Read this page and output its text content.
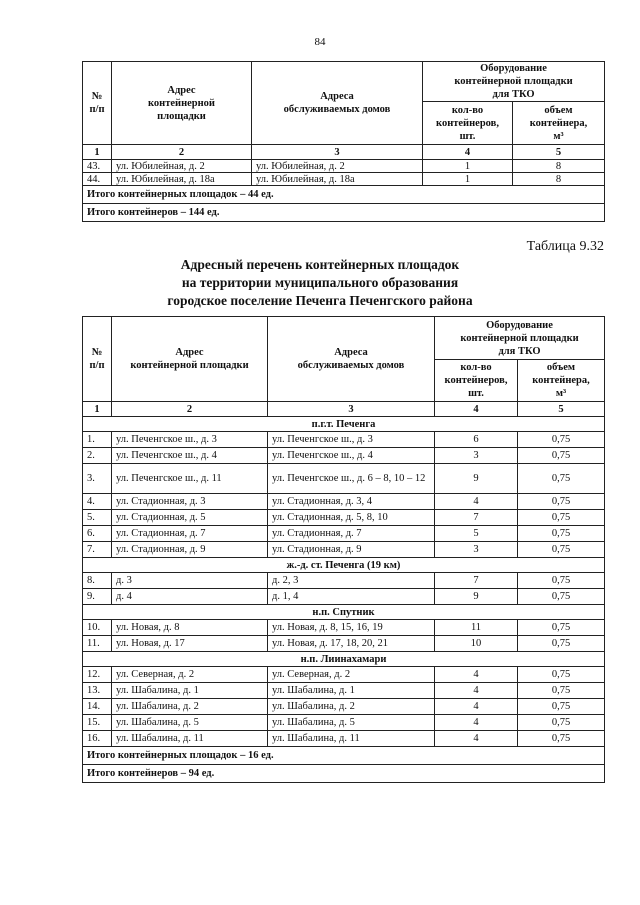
84
№
п/п	Адрес
контейнерной
площадки	Адреса
обслуживаемых домов	Оборудование
контейнерной площадки
для ТКО	
			кол-во
контейнеров,
шт.	объем
контейнера,
м³
1	2	3	4	5
43.	ул. Юбилейная, д. 2	ул. Юбилейная, д. 2	1	8
44.	ул. Юбилейная, д. 18а	ул. Юбилейная, д. 18а	1	8
Итого контейнерных площадок – 44 ед.				
Итого контейнеров – 144 ед.				
Таблица 9.32
Адресный перечень контейнерных площадок
на территории муниципального образования
городское поселение Печенга Печенгского района
№
п/п	Адрес
контейнерной площадки	Адреса
обслуживаемых домов	Оборудование
контейнерной площадки
для ТКО	
			кол-во
контейнеров,
шт.	объем
контейнера,
м³
1	2	3	4	5
п.г.т. Печенга				
1.	ул. Печенгское ш., д. 3	ул. Печенгское ш., д. 3	6	0,75
2.	ул. Печенгское ш., д. 4	ул. Печенгское ш., д. 4	3	0,75
3.	ул. Печенгское ш., д. 11	ул. Печенгское ш., д. 6 – 8, 10 – 12	9	0,75
4.	ул. Стадионная, д. 3	ул. Стадионная, д. 3, 4	4	0,75
5.	ул. Стадионная, д. 5	ул. Стадионная, д. 5, 8, 10	7	0,75
6.	ул. Стадионная, д. 7	ул. Стадионная, д. 7	5	0,75
7.	ул. Стадионная, д. 9	ул. Стадионная, д. 9	3	0,75
ж.-д. ст. Печенга (19 км)				
8.	д. 3	д. 2, 3	7	0,75
9.	д. 4	д. 1, 4	9	0,75
н.п. Спутник				
10.	ул. Новая, д. 8	ул. Новая, д. 8, 15, 16, 19	11	0,75
11.	ул. Новая, д. 17	ул. Новая, д. 17, 18, 20, 21	10	0,75
н.п. Лиинахамари				
12.	ул. Северная, д. 2	ул. Северная, д. 2	4	0,75
13.	ул. Шабалина, д. 1	ул. Шабалина, д. 1	4	0,75
14.	ул. Шабалина, д. 2	ул. Шабалина, д. 2	4	0,75
15.	ул. Шабалина, д. 5	ул. Шабалина, д. 5	4	0,75
16.	ул. Шабалина, д. 11	ул. Шабалина, д. 11	4	0,75
Итого контейнерных площадок – 16 ед.				
Итого контейнеров – 94 ед.				
